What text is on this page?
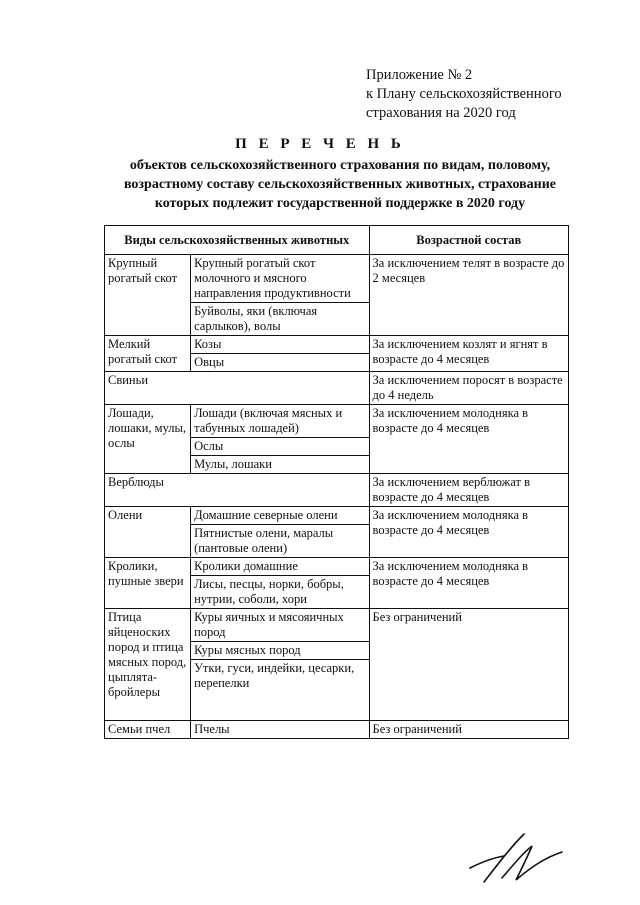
Приложение № 2
к Плану сельскохозяйственного
страхования на 2020 год
П Е Р Е Ч Е Н Ь
объектов сельскохозяйственного страхования по видам, половому, возрастному составу сельскохозяйственных животных, страхование которых подлежит государственной поддержке в 2020 году
Виды сельскохозяйственных животных		Возрастной состав
Крупный рогатый скот	Крупный рогатый скот молочного и мясного направления продуктивности	За исключением телят в возрасте до 2 месяцев
	Буйволы, яки (включая сарлыков), волы	
Мелкий рогатый скот	Козы	За исключением козлят и ягнят в возрасте до 4 месяцев
	Овцы	
Свиньи		За исключением поросят в возрасте до 4 недель
Лошади, лошаки, мулы, ослы	Лошади (включая мясных и табунных лошадей)	За исключением молодняка в возрасте до 4 месяцев
	Ослы	
	Мулы, лошаки	
Верблюды		За исключением верблюжат в возрасте до 4 месяцев
Олени	Домашние северные олени	За исключением молодняка в возрасте до 4 месяцев
	Пятнистые олени, маралы (пантовые олени)	
Кролики, пушные звери	Кролики домашние	За исключением молодняка в возрасте до 4 месяцев
	Лисы, песцы, норки, бобры, нутрии, соболи, хори	
Птица яйценоских пород и птица мясных пород, цыплята-бройлеры	Куры яичных и мясояичных пород	Без ограничений
	Куры мясных пород	
	Утки, гуси, индейки, цесарки, перепелки	
Семьи пчел	Пчелы	Без ограничений
